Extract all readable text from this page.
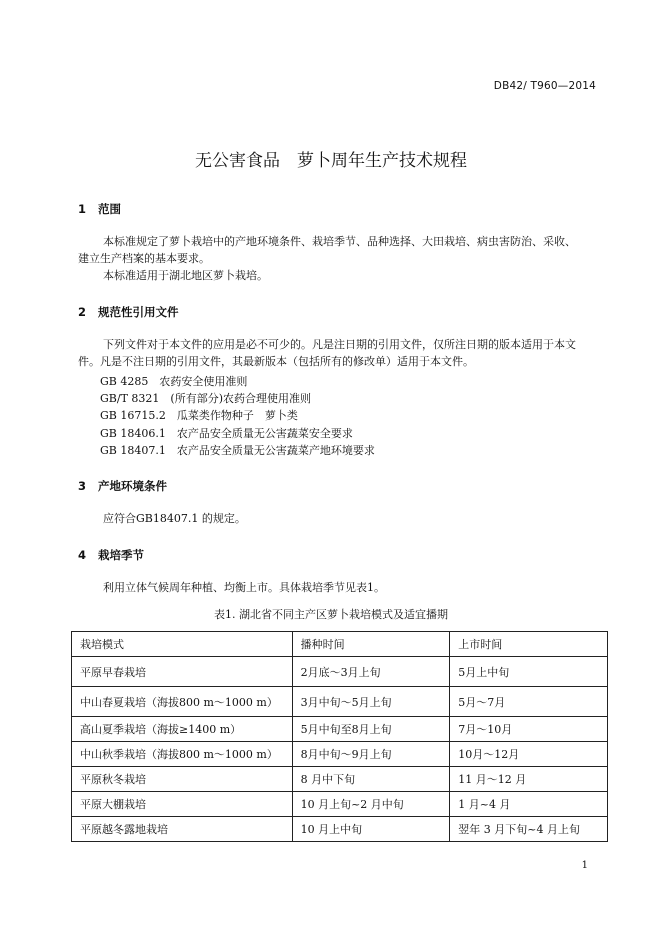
DB42/ T960—2014
无公害食品　萝卜周年生产技术规程
1 范围
本标准规定了萝卜栽培中的产地环境条件、栽培季节、品种选择、大田栽培、病虫害防治、采收、
建立生产档案的基本要求。
本标准适用于湖北地区萝卜栽培。
2 规范性引用文件
下列文件对于本文件的应用是必不可少的。凡是注日期的引用文件，仅所注日期的版本适用于本文
件。凡是不注日期的引用文件，其最新版本（包括所有的修改单）适用于本文件。
GB 4285　农药安全使用准则
GB/T 8321　(所有部分)农药合理使用准则
GB 16715.2　瓜菜类作物种子　萝卜类
GB 18406.1　农产品安全质量无公害蔬菜安全要求
GB 18407.1　农产品安全质量无公害蔬菜产地环境要求
3 产地环境条件
应符合GB18407.1 的规定。
4 栽培季节
利用立体气候周年种植、均衡上市。具体栽培季节见表1。
表1. 湖北省不同主产区萝卜栽培模式及适宜播期
栽培模式	播种时间	上市时间
平原早春栽培	2月底～3月上旬	5月上中旬
中山春夏栽培（海拔800 m～1000 m）	3月中旬～5月上旬	5月～7月
高山夏季栽培（海拔≥1400 m）	5月中旬至8月上旬	7月～10月
中山秋季栽培（海拔800 m～1000 m）	8月中旬～9月上旬	10月～12月
平原秋冬栽培	8 月中下旬	11 月～12 月
平原大棚栽培	10 月上旬~2 月中旬	1 月~4 月
平原越冬露地栽培	10 月上中旬	翌年 3 月下旬~4 月上旬
1
